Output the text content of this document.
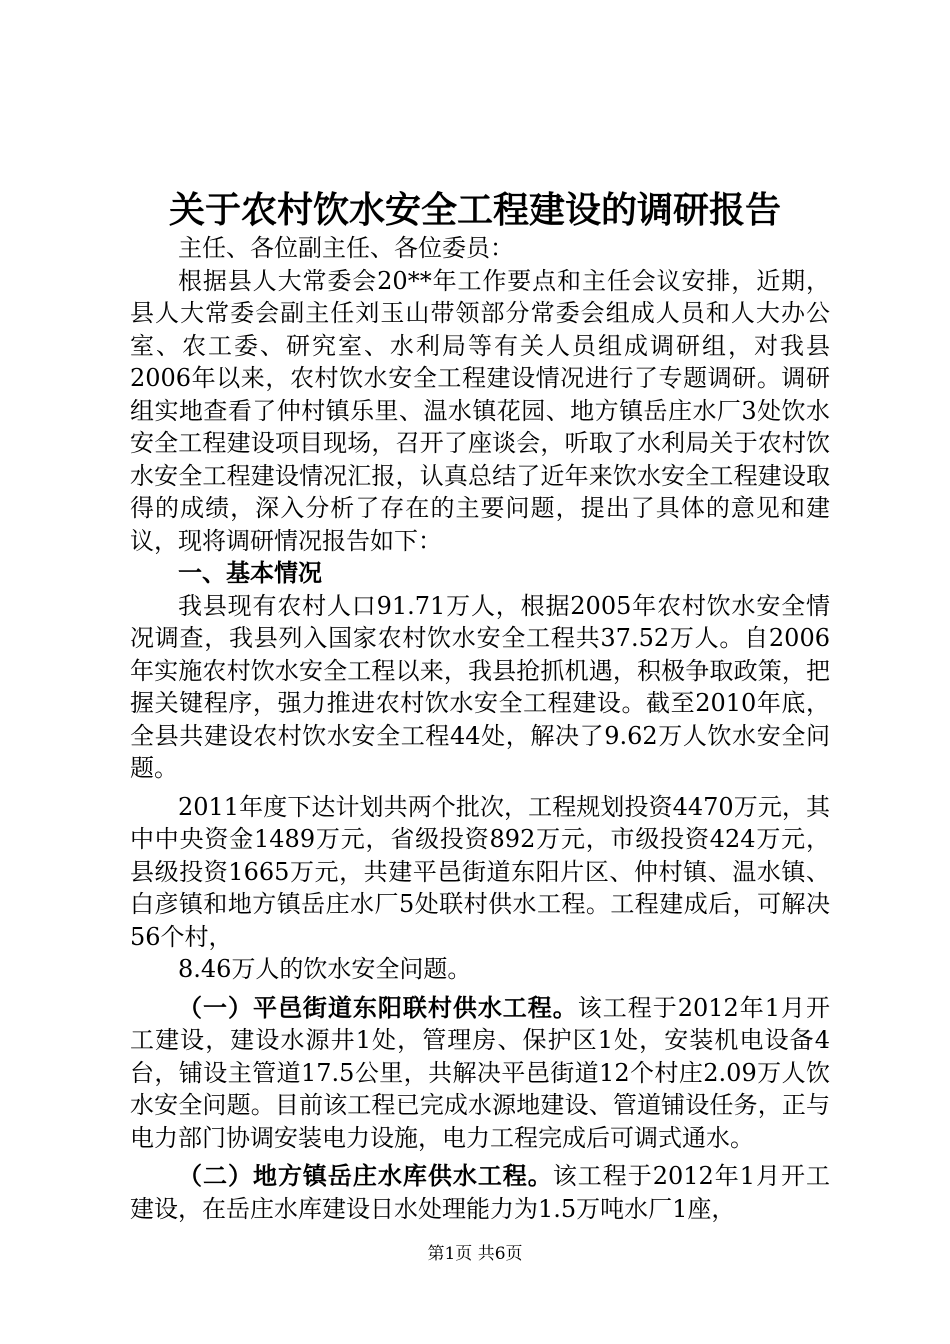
关于农村饮水安全工程建设的调研报告

主任、各位副主任、各位委员：

根据县人大常委会20**年工作要点和主任会议安排，近期，县人大常委会副主任刘玉山带领部分常委会组成人员和人大办公室、农工委、研究室、水利局等有关人员组成调研组，对我县2006年以来，农村饮水安全工程建设情况进行了专题调研。调研组实地查看了仲村镇乐里、温水镇花园、地方镇岳庄水厂3处饮水安全工程建设项目现场，召开了座谈会，听取了水利局关于农村饮水安全工程建设情况汇报，认真总结了近年来饮水安全工程建设取得的成绩，深入分析了存在的主要问题，提出了具体的意见和建议，现将调研情况报告如下：

一、基本情况

我县现有农村人口91.71万人，根据2005年农村饮水安全情况调查，我县列入国家农村饮水安全工程共37.52万人。自2006年实施农村饮水安全工程以来，我县抢抓机遇，积极争取政策，把握关键程序，强力推进农村饮水安全工程建设。截至2010年底，全县共建设农村饮水安全工程44处，解决了9.62万人饮水安全问题。

2011年度下达计划共两个批次，工程规划投资4470万元，其中中央资金1489万元，省级投资892万元，市级投资424万元，县级投资1665万元，共建平邑街道东阳片区、仲村镇、温水镇、白彦镇和地方镇岳庄水厂5处联村供水工程。工程建成后，可解决56个村，

8.46万人的饮水安全问题。

（一）平邑街道东阳联村供水工程。该工程于2012年1月开工建设，建设水源井1处，管理房、保护区1处，安装机电设备4台，铺设主管道17.5公里，共解决平邑街道12个村庄2.09万人饮水安全问题。目前该工程已完成水源地建设、管道铺设任务，正与电力部门协调安装电力设施，电力工程完成后可调式通水。

（二）地方镇岳庄水库供水工程。该工程于2012年1月开工建设，在岳庄水库建设日水处理能力为1.5万吨水厂1座，

第1页 共6页
